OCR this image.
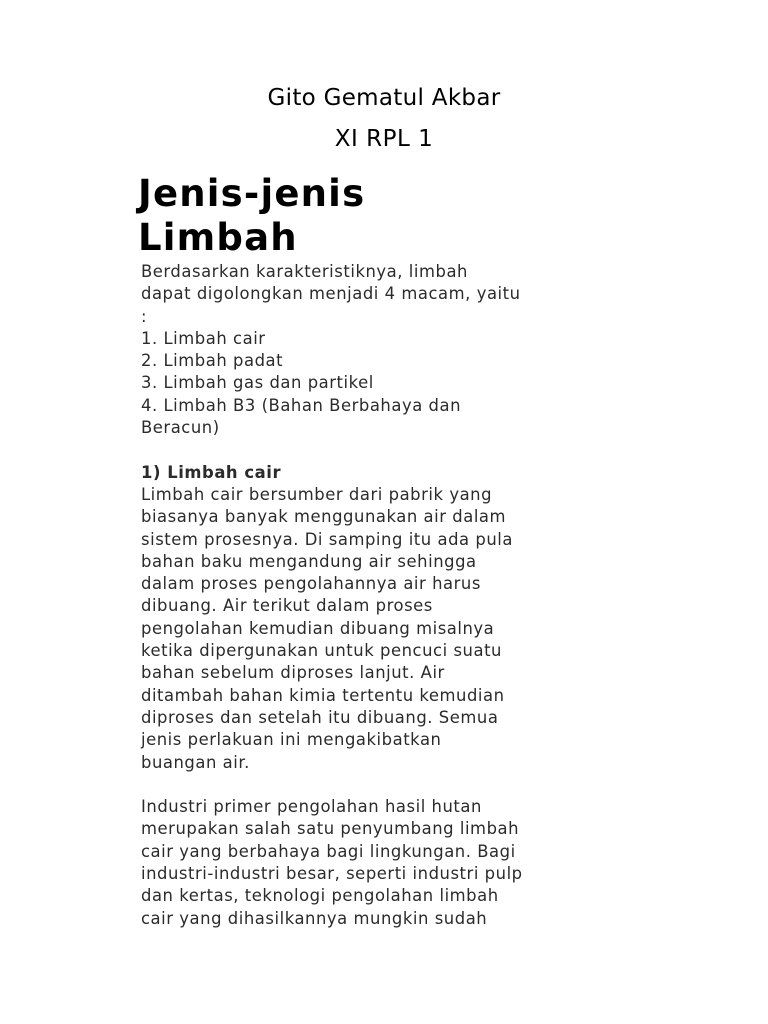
Gito Gematul Akbar
XI RPL 1
Jenis-jenis
Limbah
Berdasarkan karakteristiknya, limbah
dapat digolongkan menjadi 4 macam, yaitu
:
1. Limbah cair
2. Limbah padat
3. Limbah gas dan partikel
4. Limbah B3 (Bahan Berbahaya dan
Beracun)
1) Limbah cair
Limbah cair bersumber dari pabrik yang
biasanya banyak menggunakan air dalam
sistem prosesnya. Di samping itu ada pula
bahan baku mengandung air sehingga
dalam proses pengolahannya air harus
dibuang. Air terikut dalam proses
pengolahan kemudian dibuang misalnya
ketika dipergunakan untuk pencuci suatu
bahan sebelum diproses lanjut. Air
ditambah bahan kimia tertentu kemudian
diproses dan setelah itu dibuang. Semua
jenis perlakuan ini mengakibatkan
buangan air.
Industri primer pengolahan hasil hutan
merupakan salah satu penyumbang limbah
cair yang berbahaya bagi lingkungan. Bagi
industri-industri besar, seperti industri pulp
dan kertas, teknologi pengolahan limbah
cair yang dihasilkannya mungkin sudah
